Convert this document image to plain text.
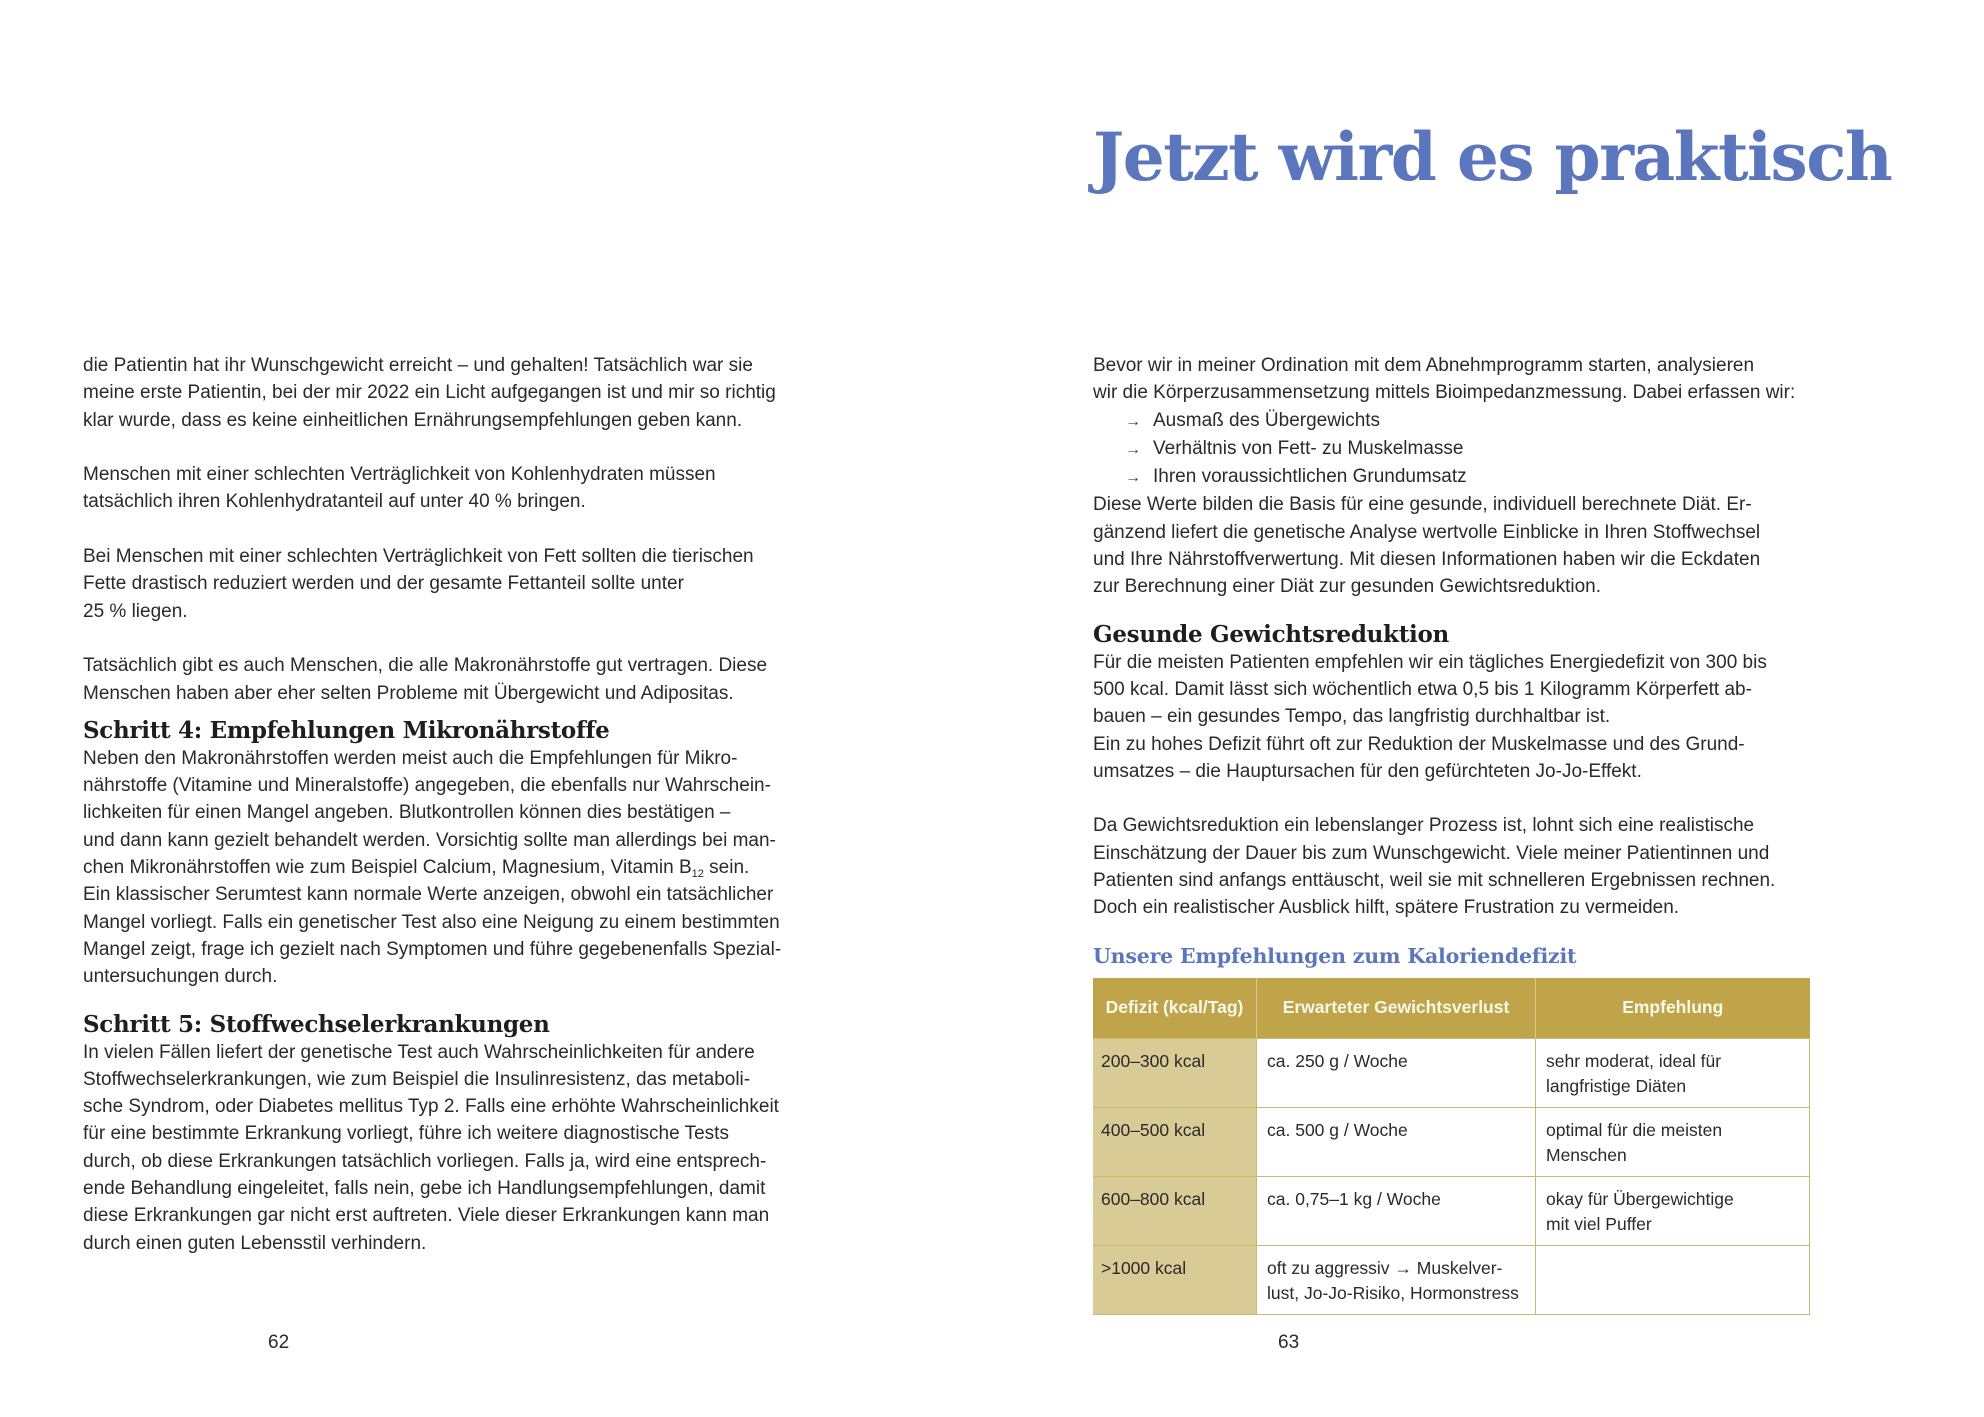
die Patientin hat ihr Wunschgewicht erreicht – und gehalten! Tatsächlich war sie
meine erste Patientin, bei der mir 2022 ein Licht aufgegangen ist und mir so richtig
klar wurde, dass es keine einheitlichen Ernährungsempfehlungen geben kann.

Menschen mit einer schlechten Verträglichkeit von Kohlenhydraten müssen
tatsächlich ihren Kohlenhydratanteil auf unter 40 % bringen.

Bei Menschen mit einer schlechten Verträglichkeit von Fett sollten die tierischen
Fette drastisch reduziert werden und der gesamte Fettanteil sollte unter
25 % liegen.

Tatsächlich gibt es auch Menschen, die alle Makronährstoffe gut vertragen. Diese
Menschen haben aber eher selten Probleme mit Übergewicht und Adipositas.

Schritt 4: Empfehlungen Mikronährstoffe

Neben den Makronährstoffen werden meist auch die Empfehlungen für Mikro-
nährstoffe (Vitamine und Mineralstoffe) angegeben, die ebenfalls nur Wahrschein-
lichkeiten für einen Mangel angeben. Blutkontrollen können dies bestätigen –
und dann kann gezielt behandelt werden. Vorsichtig sollte man allerdings bei man-
chen Mikronährstoffen wie zum Beispiel Calcium, Magnesium, Vitamin $B_{12}$ sein.
Ein klassischer Serumtest kann normale Werte anzeigen, obwohl ein tatsächlicher
Mangel vorliegt. Falls ein genetischer Test also eine Neigung zu einem bestimmten
Mangel zeigt, frage ich gezielt nach Symptomen und führe gegebenenfalls Spezial-
untersuchungen durch.

Schritt 5: Stoffwechselerkrankungen

In vielen Fällen liefert der genetische Test auch Wahrscheinlichkeiten für andere
Stoffwechselerkrankungen, wie zum Beispiel die Insulinresistenz, das metaboli-
sche Syndrom, oder Diabetes mellitus Typ 2. Falls eine erhöhte Wahrscheinlichkeit
für eine bestimmte Erkrankung vorliegt, führe ich weitere diagnostische Tests
durch, ob diese Erkrankungen tatsächlich vorliegen. Falls ja, wird eine entsprech-
ende Behandlung eingeleitet, falls nein, gebe ich Handlungsempfehlungen, damit
diese Erkrankungen gar nicht erst auftreten. Viele dieser Erkrankungen kann man
durch einen guten Lebensstil verhindern.

62
Jetzt wird es praktisch
Bevor wir in meiner Ordination mit dem Abnehmprogramm starten, analysieren
wir die Körperzusammensetzung mittels Bioimpedanzmessung. Dabei erfassen wir:
→ Ausmaß des Übergewichts
→ Verhältnis von Fett- zu Muskelmasse
→ Ihren voraussichtlichen Grundumsatz
Diese Werte bilden die Basis für eine gesunde, individuell berechnete Diät. Er-
gänzend liefert die genetische Analyse wertvolle Einblicke in Ihren Stoffwechsel
und Ihre Nährstoffverwertung. Mit diesen Informationen haben wir die Eckdaten
zur Berechnung einer Diät zur gesunden Gewichtsreduktion.
Gesunde Gewichtsreduktion

Für die meisten Patienten empfehlen wir ein tägliches Energiedefizit von 300 bis
500 kcal. Damit lässt sich wöchentlich etwa 0,5 bis 1 Kilogramm Körperfett ab-
bauen – ein gesundes Tempo, das langfristig durchhaltbar ist.
Ein zu hohes Defizit führt oft zur Reduktion der Muskelmasse und des Grund-
umsatzes – die Hauptursachen für den gefürchteten Jo-Jo-Effekt.

Da Gewichtsreduktion ein lebenslanger Prozess ist, lohnt sich eine realistische
Einschätzung der Dauer bis zum Wunschgewicht. Viele meiner Patientinnen und
Patienten sind anfangs enttäuscht, weil sie mit schnelleren Ergebnissen rechnen.
Doch ein realistischer Ausblick hilft, spätere Frustration zu vermeiden.

Unsere Empfehlungen zum Kaloriendefizit
Defizit (kcal/Tag)	Erwarteter Gewichtsverlust	Empfehlung
200–300 kcal	ca. 250 g / Woche	sehr moderat, ideal für
langfristige Diäten

400–500 kcal	ca. 500 g / Woche	optimal für die meisten
Menschen

600–800 kcal	ca. 0,75–1 kg / Woche	okay für Übergewichtige
mit viel Puffer

>1000 kcal	oft zu aggressiv → Muskelver-
lust, Jo-Jo-Risiko, Hormonstress	

63
